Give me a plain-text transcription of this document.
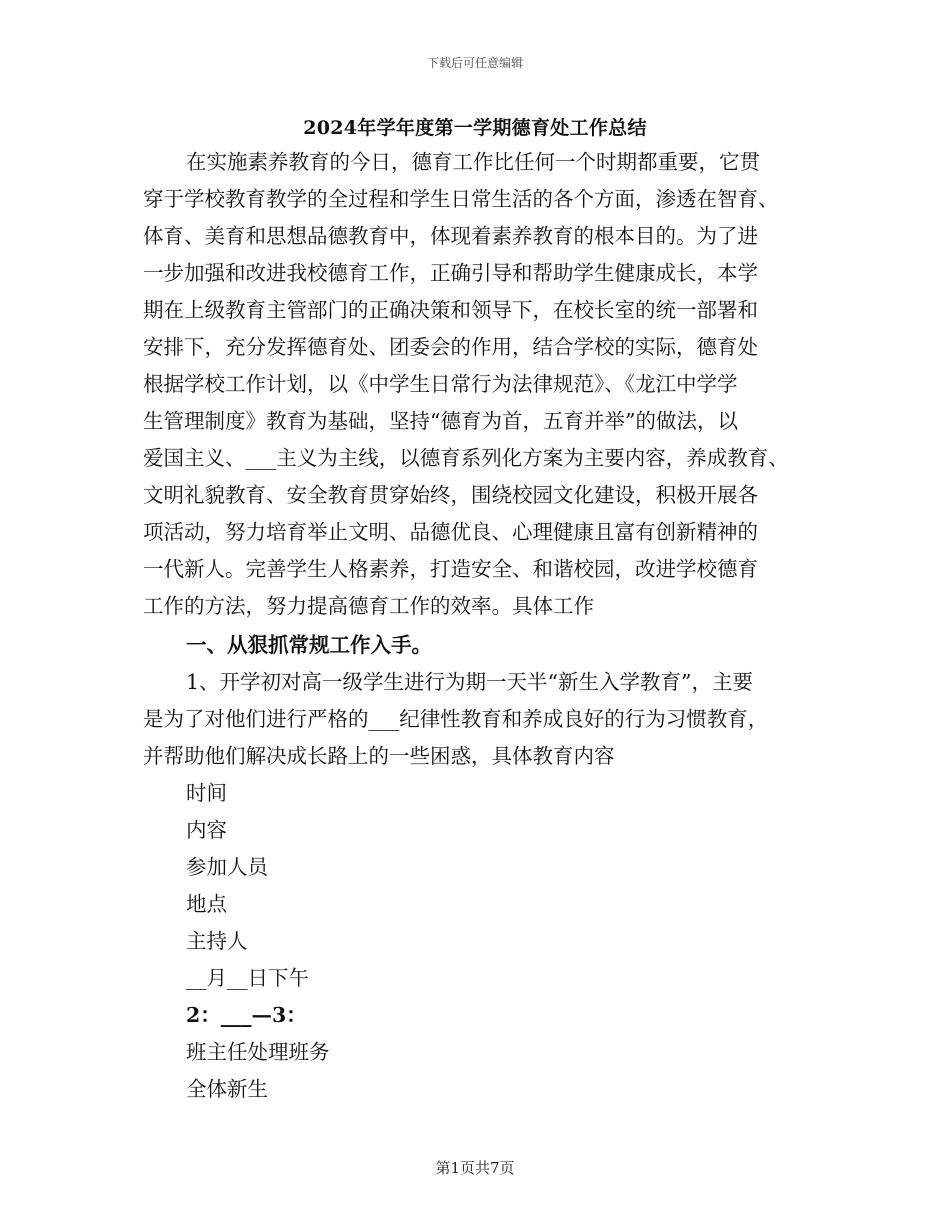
下载后可任意编辑
2024年学年度第一学期德育处工作总结
在实施素养教育的今日，德育工作比任何一个时期都重要，它贯
穿于学校教育教学的全过程和学生日常生活的各个方面，渗透在智育、
体育、美育和思想品德教育中，体现着素养教育的根本目的。为了进
一步加强和改进我校德育工作，正确引导和帮助学生健康成长，本学
期在上级教育主管部门的正确决策和领导下，在校长室的统一部署和
安排下，充分发挥德育处、团委会的作用，结合学校的实际，德育处
根据学校工作计划，以《中学生日常行为法律规范》、《龙江中学学
生管理制度》教育为基础，坚持“德育为首，五育并举”的做法，以
爱国主义、___主义为主线，以德育系列化方案为主要内容，养成教育、
文明礼貌教育、安全教育贯穿始终，围绕校园文化建设，积极开展各
项活动，努力培育举止文明、品德优良、心理健康且富有创新精神的
一代新人。完善学生人格素养，打造安全、和谐校园，改进学校德育
工作的方法，努力提高德育工作的效率。具体工作
一、从狠抓常规工作入手。
1、开学初对高一级学生进行为期一天半“新生入学教育”，主要
是为了对他们进行严格的___纪律性教育和养成良好的行为习惯教育，
并帮助他们解决成长路上的一些困惑，具体教育内容
时间
内容
参加人员
地点
主持人
__月__日下午
2：___—3：
班主任处理班务
全体新生
第1页共7页
